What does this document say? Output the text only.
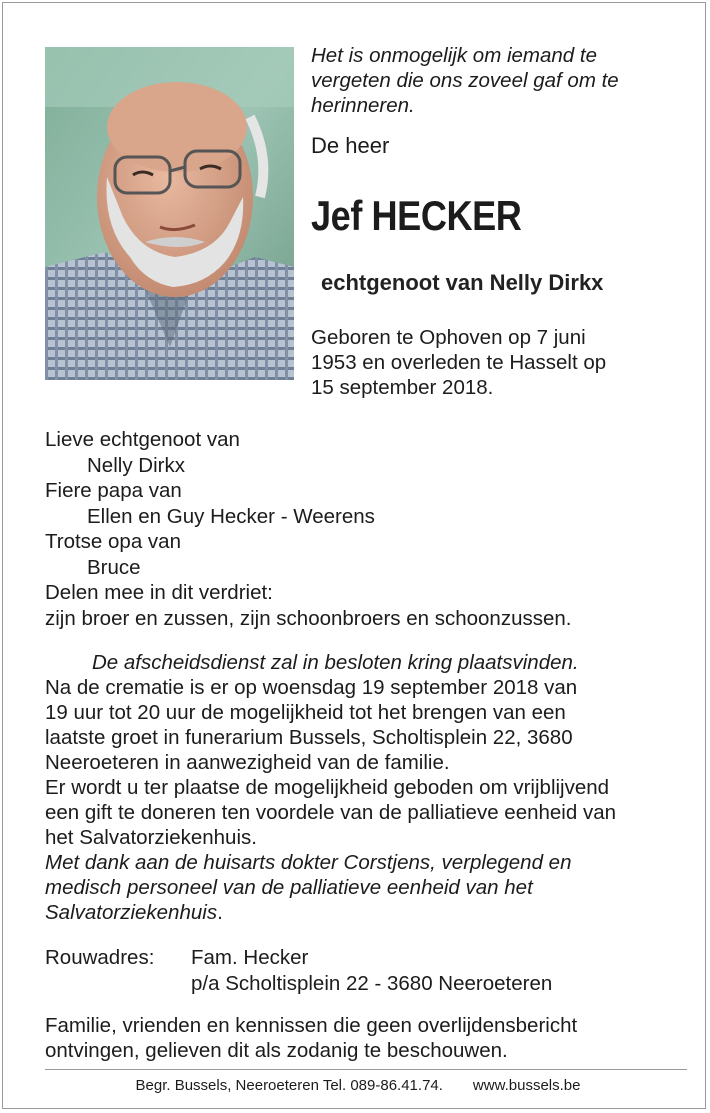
Het is onmogelijk om iemand te
vergeten die ons zoveel gaf om te
herinneren.
De heer
Jef HECKER
echtgenoot van Nelly Dirkx
Geboren te Ophoven op 7 juni
1953 en overleden te Hasselt op
15 september 2018.
Lieve echtgenoot van
Nelly Dirkx
Fiere papa van
Ellen en Guy Hecker - Weerens
Trotse opa van
Bruce
Delen mee in dit verdriet:
zijn broer en zussen, zijn schoonbroers en schoonzussen.
De afscheidsdienst zal in besloten kring plaatsvinden.
Na de crematie is er op woensdag 19 september 2018 van
19 uur tot 20 uur de mogelijkheid tot het brengen van een
laatste groet in funerarium Bussels, Scholtisplein 22, 3680
Neeroeteren in aanwezigheid van de familie.
Er wordt u ter plaatse de mogelijkheid geboden om vrijblijvend
een gift te doneren ten voordele van de palliatieve eenheid van
het Salvatorziekenhuis.
Met dank aan de huisarts dokter Corstjens, verplegend en
medisch personeel van de palliatieve eenheid van het
Salvatorziekenhuis.
Rouwadres:	Fam. Hecker
p/a Scholtisplein 22 - 3680 Neeroeteren
Familie, vrienden en kennissen die geen overlijdensbericht
ontvingen, gelieven dit als zodanig te beschouwen.
Begr. Bussels, Neeroeteren Tel. 089-86.41.74. www.bussels.be
